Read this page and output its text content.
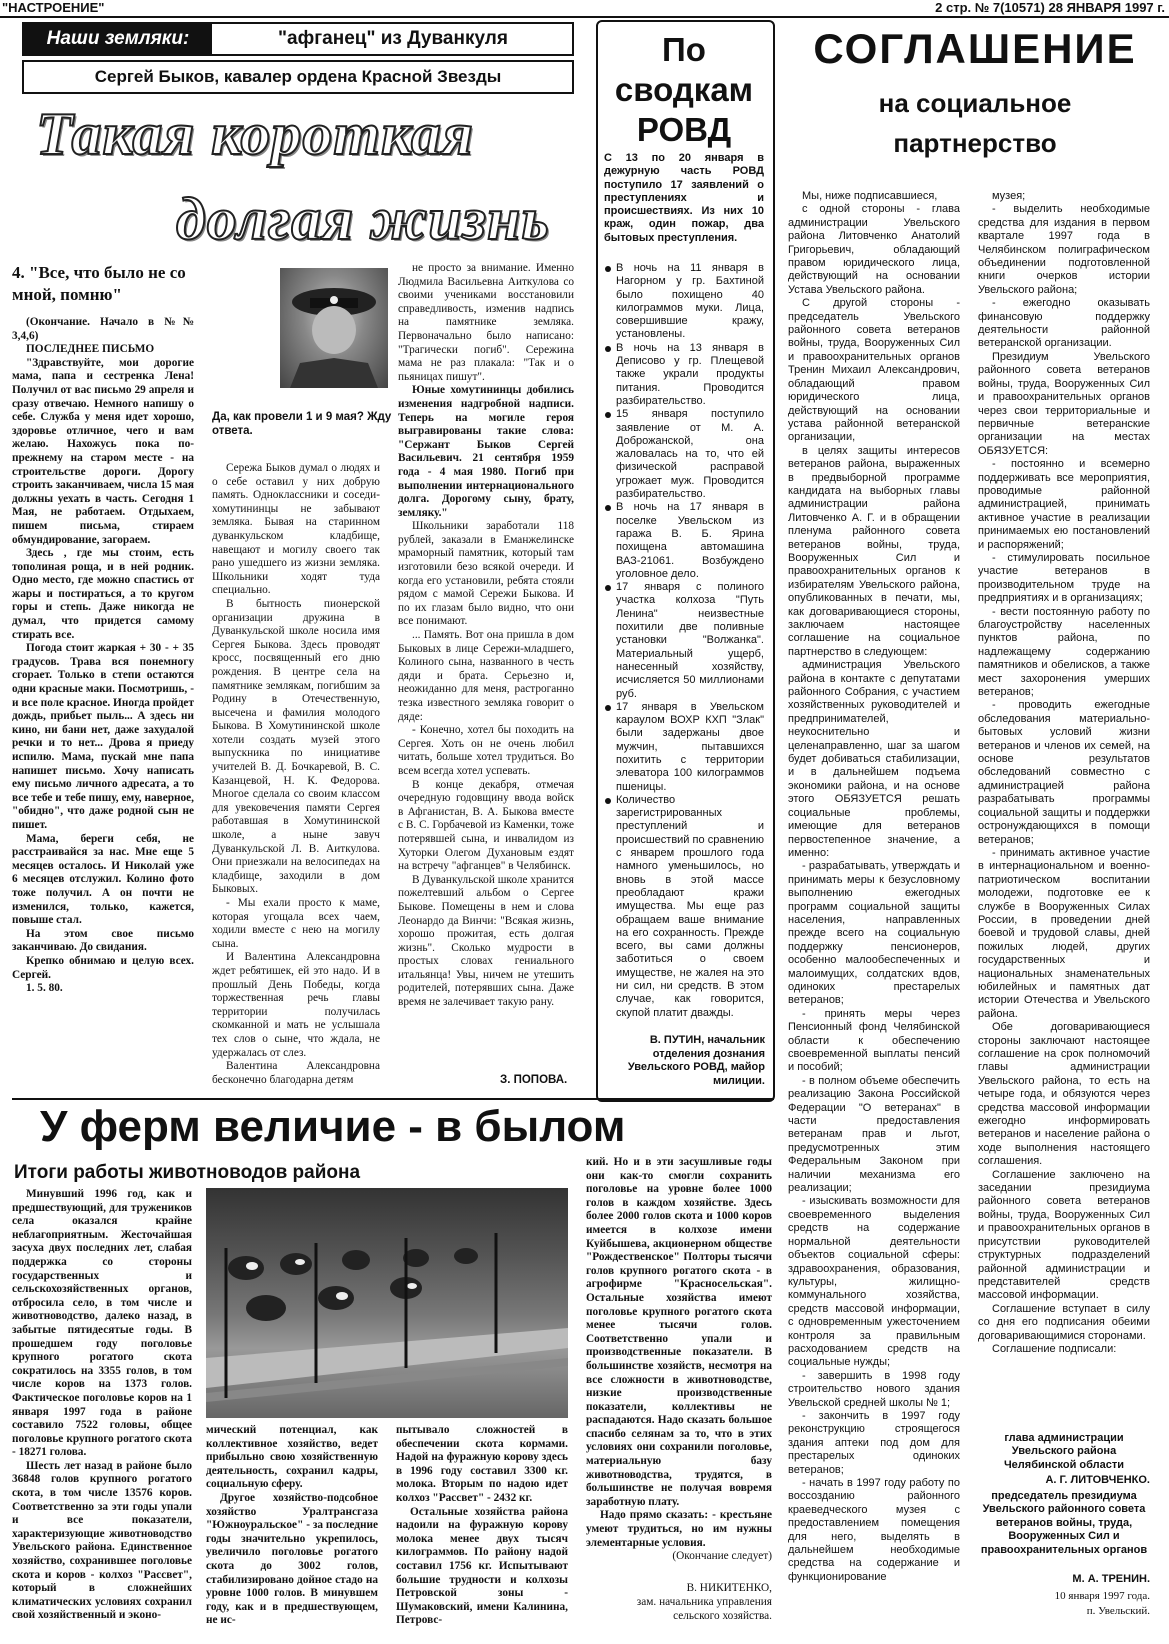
"НАСТРОЕНИЕ"	2 стр. № 7(10571) 28 ЯНВАРЯ 1997 г.
Наши земляки:	"афганец" из Дуванкуля
Сергей Быков, кавалер ордена Красной Звезды
Такая короткая
долгая жизнь
4. "Все, что было не со мной, помню"
Да, как провели 1 и 9 мая? Жду ответа.

(Окончание. Начало в №№ 3,4,6)

ПОСЛЕДНЕЕ ПИСЬМО

"Здравствуйте, мои дорогие мама, папа и сестренка Лена! Получил от вас письмо 29 апреля и сразу отвечаю. Немного напишу о себе. Служба у меня идет хорошо, здоровье отличное, чего и вам желаю. Нахожусь пока по-прежнему на старом месте - на строительстве дороги. Дорогу строить заканчиваем, числа 15 мая должны уехать в часть. Сегодня 1 Мая, не работаем. Отдыхаем, пишем письма, стираем обмундирование, загораем.

Здесь , где мы стоим, есть тополиная роща, и в ней родник. Одно место, где можно спастись от жары и постираться, а то кругом горы и степь. Даже никогда не думал, что придется самому стирать все.

Погода стоит жаркая + 30 - + 35 градусов. Трава вся понемногу сгорает. Только в степи остаются одни красные маки. Посмотришь, - и все поле красное. Иногда пройдет дождь, прибьет пыль... А здесь ни кино, ни бани нет, даже захудалой речки и то нет... Дрова я приеду испилю. Мама, пускай мне папа напишет письмо. Хочу написать ему письмо личного адресата, а то все тебе и тебе пишу, ему, наверное, "обидно", что даже родной сын не пишет.

Мама, береги себя, не расстраивайся за нас. Мне еще 5 месяцев осталось. И Николай уже 6 месяцев отслужил. Колино фото тоже получил. А он почти не изменился, только, кажется, повыше стал.

На этом свое письмо заканчиваю. До свидания.

Крепко обнимаю и целую всех. Сергей.

1. 5. 80.

Сережа Быков думал о людях и о себе оставил у них добрую память. Одноклассники и соседи-хомутининцы не забывают земляка. Бывая на старинном дуванкульском кладбище, навещают и могилу своего так рано ушедшего из жизни земляка. Школьники ходят туда специально.

В бытность пионерской организации дружина в Дуванкульской школе носила имя Сергея Быкова. Здесь проводят кросс, посвященный его дню рождения. В центре села на памятнике землякам, погибшим за Родину в Отечественную, высечена и фамилия молодого Быкова. В Хомутининской школе хотели создать музей этого выпускника по инициативе учителей В. Д. Бочкаревой, В. С. Казанцевой, Н. К. Федорова. Многое сделала со своим классом для увековечения памяти Сергея работавшая в Хомутининской школе, а ныне завуч Дуванкульской Л. В. Аиткулова. Они приезжали на велосипедах на кладбище, заходили в дом Быковых.

- Мы ехали просто к маме, которая угощала всех чаем, ходили вместе с нею на могилу сына.

И Валентина Александровна ждет ребятишек, ей это надо. И в прошлый День Победы, когда торжественная речь главы территории получилась скомканной и мать не услышала тех слов о сыне, что ждала, не удержалась от слез.

Валентина Александровна бесконечно благодарна детям

не просто за внимание. Именно Людмила Васильевна Аиткулова со своими учениками восстановили справедливость, изменив надпись на памятнике земляка. Первоначально было написано: "Трагически погиб". Сережина мама не раз плакала: "Так и о пьяницах пишут".

Юные хомутининцы добились изменения надгробной надписи. Теперь на могиле героя выгравированы такие слова: "Сержант Быков Сергей Васильевич. 21 сентября 1959 года - 4 мая 1980. Погиб при выполнении интернационального долга. Дорогому сыну, брату, земляку."

Школьники заработали 118 рублей, заказали в Еманжелинске мраморный памятник, который там изготовили безо всякой очереди. И когда его установили, ребята стояли рядом с мамой Сережи Быкова. И по их глазам было видно, что они все понимают.

... Память. Вот она пришла в дом Быковых в лице Сережи-младшего, Колиного сына, названного в честь дяди и брата. Серьезно и, неожиданно для меня, растроганно тезка известного земляка говорит о дяде:

- Конечно, хотел бы походить на Сергея. Хоть он не очень любил читать, больше хотел трудиться. Во всем всегда хотел успевать.

В конце декабря, отмечая очередную годовщину ввода войск в Афганистан, В. А. Быкова вместе с В. С. Горбачевой из Каменки, тоже потерявшей сына, и инвалидом из Хуторки Олегом Духановым ездят на встречу "афганцев" в Челябинск.

В Дуванкульской школе хранится пожелтевший альбом о Сергее Быкове. Помещены в нем и слова Леонардо да Винчи: "Всякая жизнь, хорошо прожитая, есть долгая жизнь". Сколько мудрости в простых словах гениального итальянца! Увы, ничем не утешить родителей, потерявших сына. Даже время не залечивает такую рану.

З. ПОПОВА.
По сводкам РОВД
С 13 по 20 января в дежурную часть РОВД поступило 17 заявлений о преступлениях и происшествиях. Из них 10 краж, один пожар, два бытовых преступления.
В ночь на 11 января в Нагорном у гр. Бахтиной было похищено 40 килограммов муки. Лица, совершившие кражу, установлены.
В ночь на 13 января в Деписово у гр. Плещевой также украли продукты питания. Проводится разбирательство.
15 января поступило заявление от М. А. Доброжанской, она жаловалась на то, что ей физической расправой угрожает муж. Проводится разбирательство.
В ночь на 17 января в поселке Увельском из гаража В. Б. Ярина похищена автомашина ВАЗ-21061. Возбуждено уголовное дело.
17 января с полиного участка колхоза "Путь Ленина" неизвестные похитили две поливные установки "Волжанка". Материальный ущерб, нанесенный хозяйству, исчисляется 50 миллионами руб.
17 января в Увельском караулом ВОХР КХП "Злак" были задержаны двое мужчин, пытавшихся похитить с территории элеватора 100 килограммов пшеницы.
Количество зарегистрированных преступлений и происшествий по сравнению с январем прошлого года намного уменьшилось, но вновь в этой массе преобладают кражи имущества. Мы еще раз обращаем ваше внимание на его сохранность. Прежде всего, вы сами должны заботиться о своем имуществе, не жалея на это ни сил, ни средств. В этом случае, как говорится, скупой платит дважды.
В. ПУТИН, начальник отделения дознания Увельского РОВД, майор милиции.
СОГЛАШЕНИЕ
на социальное
партнерство

Мы, ниже подписавшиеся,

с одной стороны - глава администрации Увельского района Литовченко Анатолий Григорьевич, обладающий правом юридического лица, действующий на основании Устава Увельского района.

С другой стороны - председатель Увельского районного совета ветеранов войны, труда, Вооруженных Сил и правоохранительных органов Тренин Михаил Александрович, обладающий правом юридического лица, действующий на основании устава районной ветеранской организации,

в целях защиты интересов ветеранов района, выраженных в предвыборной программе кандидата на выборных главы администрации района Литовченко А. Г. и в обращении пленума районного совета ветеранов войны, труда, Вооруженных Сил и правоохранительных органов к избирателям Увельского района, опубликованных в печати, мы, как договаривающиеся стороны, заключаем настоящее соглашение на социальное партнерство в следующем:

администрация Увельского района в контакте с депутатами районного Собрания, с участием хозяйственных руководителей и предпринимателей, неукоснительно и целенаправленно, шаг за шагом будет добиваться стабилизации, и в дальнейшем подъема экономики района, и на основе этого ОБЯЗУЕТСЯ решать социальные проблемы, имеющие для ветеранов первостепенное значение, а именно:

- разрабатывать, утверждать и принимать меры к безусловному выполнению ежегодных программ социальной защиты населения, направленных прежде всего на социальную поддержку пенсионеров, особенно малообеспеченных и малоимущих, солдатских вдов, одиноких престарелых ветеранов;

- принять меры через Пенсионный фонд Челябинской области к обеспечению своевременной выплаты пенсий и пособий;

- в полном объеме обеспечить реализацию Закона Российской Федерации "О ветеранах" в части предоставления ветеранам прав и льгот, предусмотренных этим Федеральным Законом при наличии механизма его реализации;

- изыскивать возможности для своевременного выделения средств на содержание нормальной деятельности объектов социальной сферы: здравоохранения, образования, культуры, жилищно-коммунального хозяйства, средств массовой информации, с одновременным ужесточением контроля за правильным расходованием средств на социальные нужды;

- завершить в 1998 году строительство нового здания Увельской средней школы № 1;

- закончить в 1997 году реконструкцию строящегося здания аптеки под дом для престарелых одиноких ветеранов;

- начать в 1997 году работу по воссозданию районного краеведческого музея с предоставлением помещения для него, выделять в дальнейшем необходимые средства на содержание и функционирование

музея;

- выделить необходимые средства для издания в первом квартале 1997 года в Челябинском полиграфическом объединении подготовленной книги очерков истории Увельского района;

- ежегодно оказывать финансовую поддержку деятельности районной ветеранской организации.

Президиум Увельского районного совета ветеранов войны, труда, Вооруженных Сил и правоохранительных органов через свои территориальные и первичные ветеранские организации на местах ОБЯЗУЕТСЯ:

- постоянно и всемерно поддерживать все мероприятия, проводимые районной администрацией, принимать активное участие в реализации принимаемых ею постановлений и распоряжений;

- стимулировать посильное участие ветеранов в производительном труде на предприятиях и в организациях;

- вести постоянную работу по благоустройству населенных пунктов района, по надлежащему содержанию памятников и обелисков, а также мест захоронения умерших ветеранов;

- проводить ежегодные обследования материально-бытовых условий жизни ветеранов и членов их семей, на основе результатов обследований совместно с администрацией района разрабатывать программы социальной защиты и поддержки остронуждающихся в помощи ветеранов;

- принимать активное участие в интернациональном и военно-патриотическом воспитании молодежи, подготовке ее к службе в Вооруженных Силах России, в проведении дней боевой и трудовой славы, дней пожилых людей, других государственных и национальных знаменательных юбилейных и памятных дат истории Отечества и Увельского района.

Обе договаривающиеся стороны заключают настоящее соглашение на срок полномочий главы администрации Увельского района, то есть на четыре года, и обязуются через средства массовой информации ежегодно информировать ветеранов и население района о ходе выполнения настоящего соглашения.

Соглашение заключено на заседании президиума районного совета ветеранов войны, труда, Вооруженных Сил и правоохранительных органов в присутствии руководителей структурных подразделений районной администрации и представителей средств массовой информации.

Соглашение вступает в силу со дня его подписания обеими договаривающимися сторонами.

Соглашение подписали:

глава администрации Увельского района Челябинской области
А. Г. ЛИТОВЧЕНКО.
председатель президиума Увельского районного совета ветеранов войны, труда, Вооруженных Сил и правоохранительных органов
М. А. ТРЕНИН.
10 января 1997 года.
п. Увельский.
У ферм величие - в былом
Итоги работы животноводов района

Минувший 1996 год, как и предшествующий, для тружеников села оказался крайне неблагоприятным. Жесточайшая засуха двух последних лет, слабая поддержка со стороны государственных и сельскохозяйственных органов, отбросила село, в том числе и животноводство, далеко назад, в забытые пятидесятые годы. В прошедшем году поголовье крупного рогатого скота сократилось на 3355 голов, в том числе коров на 1373 голов. Фактическое поголовье коров на 1 января 1997 года в районе составило 7522 головы, общее поголовье крупного рогатого скота - 18271 голова.

Шесть лет назад в районе было 36848 голов крупного рогатого скота, в том числе 13576 коров. Соответственно за эти годы упали и все показатели, характеризующие животноводство Увельского района. Единственное хозяйство, сохранившее поголовье скота и коров - колхоз "Рассвет", который в сложнейших климатических условиях сохранил свой хозяйственный и эконо-

мический потенциал, как коллективное хозяйство, ведет прибыльно свою хозяйственную деятельность, сохранил кадры, социальную сферу.

Другое хозяйство-подсобное хозяйство Уралтрансгаза "Южноуральское" - за последние годы значительно укрепилось, увеличило поголовье рогатого скота до 3002 голов, стабилизировано дойное стадо на уровне 1000 голов. В минувшем году, как и в предшествующем, не ис-

пытывало сложностей в обеспечении скота кормами. Надой на фуражную корову здесь в 1996 году составил 3300 кг. молока. Вторым по надою идет колхоз "Рассвет" - 2432 кг.

Остальные хозяйства района надоили на фуражную корову молока менее двух тысяч килограммов. По району надой составил 1756 кг. Испытывают большие трудности и колхозы Петровской зоны - Шумаковский, имени Калинина, Петровс-

кий. Но и в эти засушливые годы они как-то смогли сохранить поголовье на уровне более 1000 голов в каждом хозяйстве. Здесь более 2000 голов скота и 1000 коров имеется в колхозе имени Куйбышева, акционерном обществе "Рождественское" Полторы тысячи голов крупного рогатого скота - в агрофирме "Красносельская". Остальные хозяйства имеют поголовье крупного рогатого скота менее тысячи голов. Соответственно упали и производственные показатели. В большинстве хозяйств, несмотря на все сложности в животноводстве, низкие производственные показатели, коллективы не распадаются. Надо сказать большое спасибо селянам за то, что в этих условиях они сохранили поголовье, материальную базу животноводства, трудятся, в большинстве не получая вовремя заработную плату.

Надо прямо сказать: - крестьяне умеют трудиться, но им нужны элементарные условия.

(Окончание следует)

В. НИКИТЕНКО,
зам. начальника управления сельского хозяйства.
